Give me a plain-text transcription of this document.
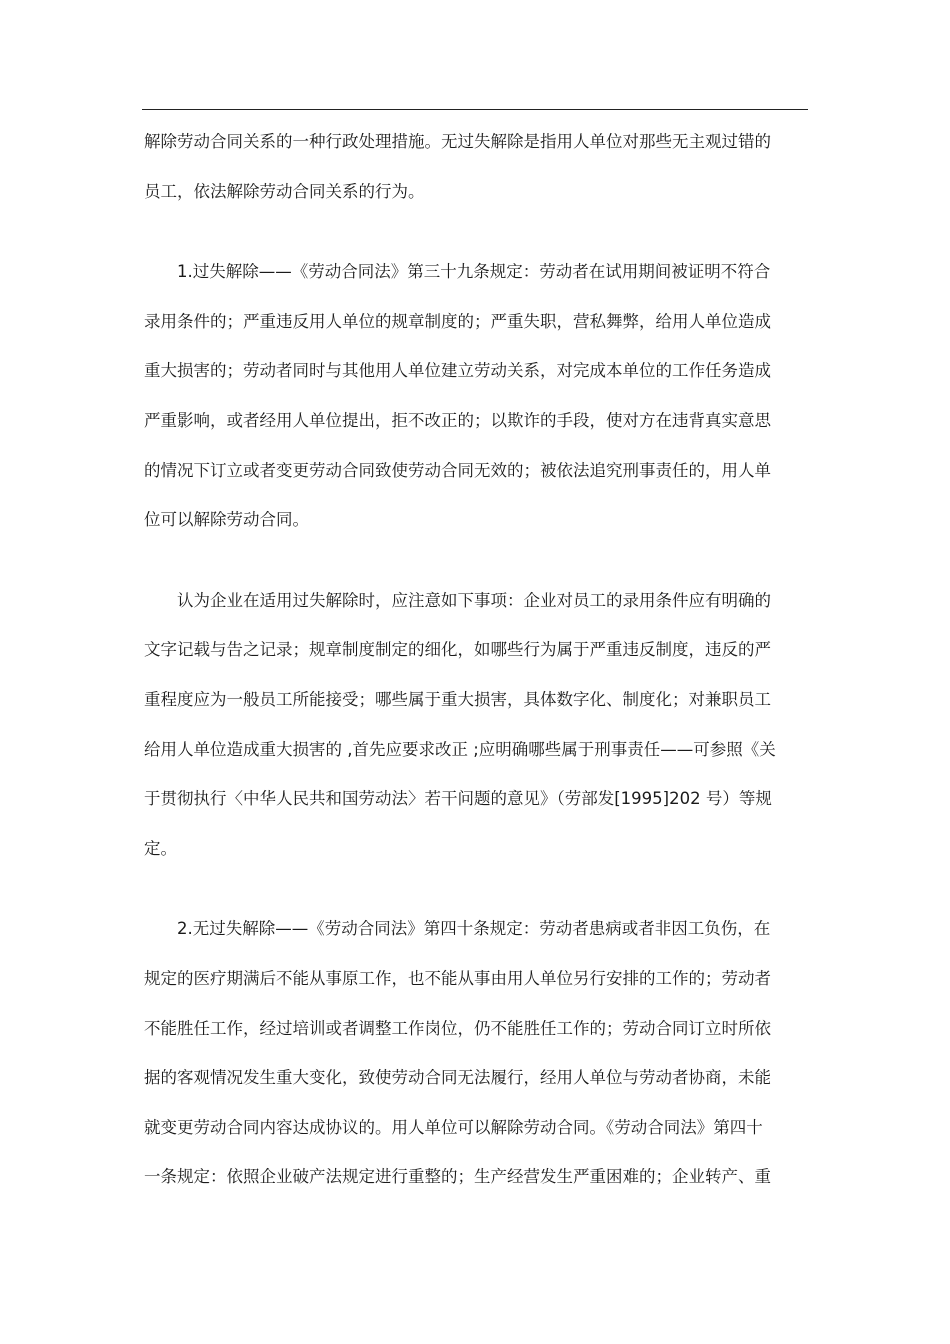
解除劳动合同关系的一种行政处理措施。无过失解除是指用人单位对那些无主观过错的
员工，依法解除劳动合同关系的行为。
1.过失解除——《劳动合同法》第三十九条规定：劳动者在试用期间被证明不符合
录用条件的；严重违反用人单位的规章制度的；严重失职，营私舞弊，给用人单位造成
重大损害的；劳动者同时与其他用人单位建立劳动关系，对完成本单位的工作任务造成
严重影响，或者经用人单位提出，拒不改正的；以欺诈的手段，使对方在违背真实意思
的情况下订立或者变更劳动合同致使劳动合同无效的；被依法追究刑事责任的，用人单
位可以解除劳动合同。
认为企业在适用过失解除时，应注意如下事项：企业对员工的录用条件应有明确的
文字记载与告之记录；规章制度制定的细化，如哪些行为属于严重违反制度，违反的严
重程度应为一般员工所能接受；哪些属于重大损害，具体数字化、制度化；对兼职员工
给用人单位造成重大损害的 ,首先应要求改正 ;应明确哪些属于刑事责任——可参照《关
于贯彻执行〈中华人民共和国劳动法〉若干问题的意见》（劳部发[1995]202 号）等规
定。
2.无过失解除——《劳动合同法》第四十条规定：劳动者患病或者非因工负伤，在
规定的医疗期满后不能从事原工作，也不能从事由用人单位另行安排的工作的；劳动者
不能胜任工作，经过培训或者调整工作岗位，仍不能胜任工作的；劳动合同订立时所依
据的客观情况发生重大变化，致使劳动合同无法履行，经用人单位与劳动者协商，未能
就变更劳动合同内容达成协议的。用人单位可以解除劳动合同。《劳动合同法》第四十
一条规定：依照企业破产法规定进行重整的；生产经营发生严重困难的；企业转产、重
